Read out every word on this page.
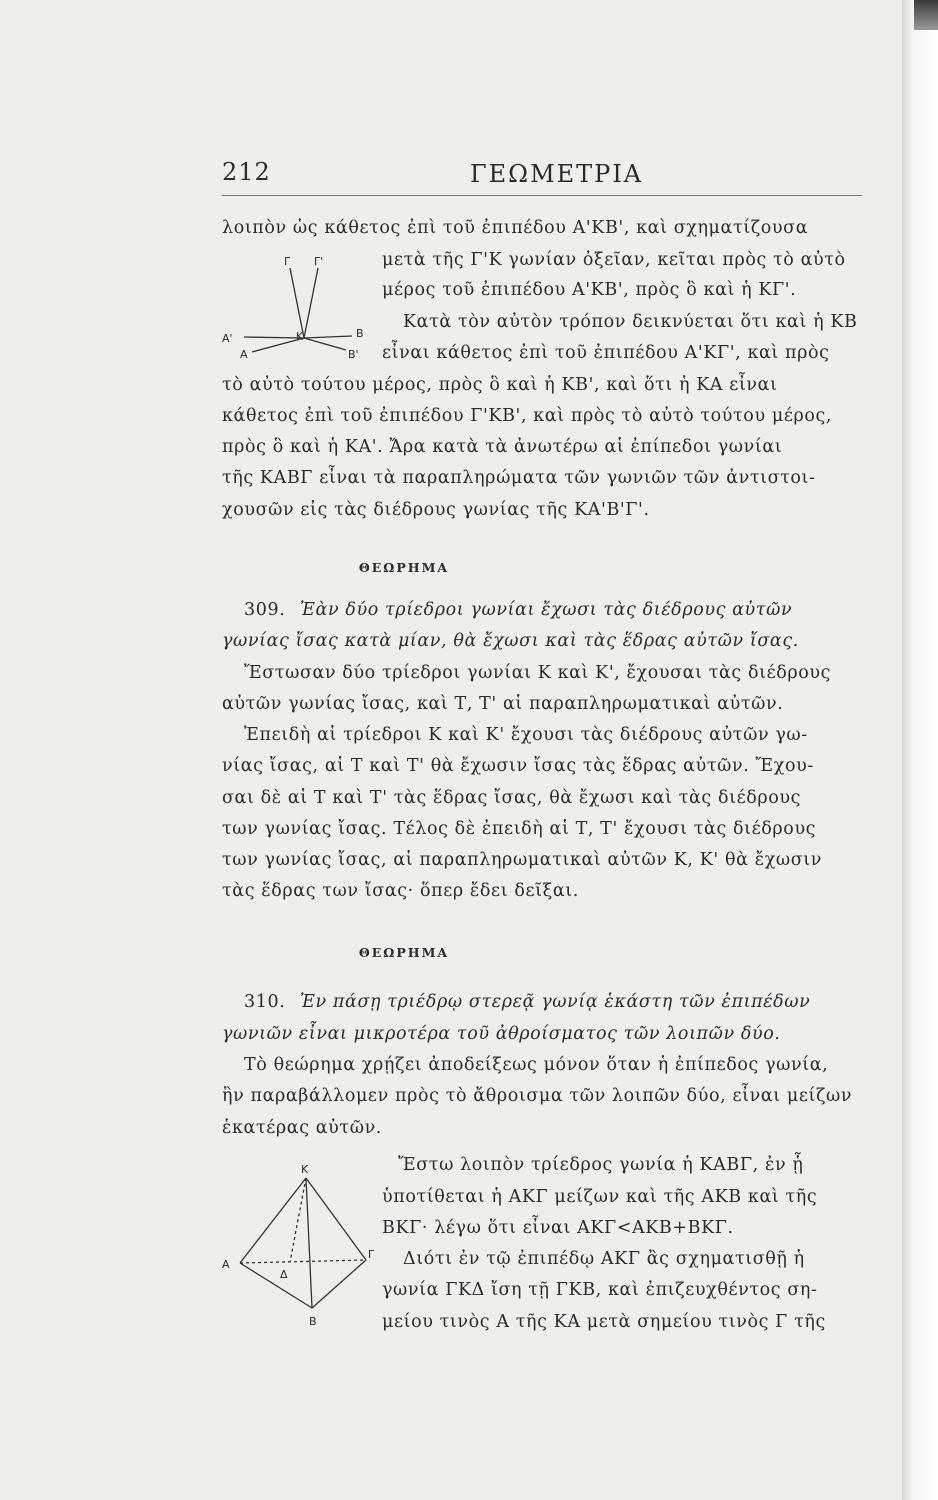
212	ΓΕΩΜΕΤΡΙΑ
Γ Γ'
Α'
Α
Κ	Β
Β'
λοιπὸν ὡς κάθετος ἐπὶ τοῦ ἐπιπέδου Α'ΚΒ', καὶ σχηματίζουσα
μετὰ τῆς Γ'Κ γωνίαν ὀξεῖαν, κεῖται πρὸς τὸ αὐτὸ
μέρος τοῦ ἐπιπέδου Α'ΚΒ', πρὸς ὃ καὶ ἡ ΚΓ'.
Κατὰ τὸν αὐτὸν τρόπον δεικνύεται ὅτι καὶ ἡ ΚΒ
εἶναι κάθετος ἐπὶ τοῦ ἐπιπέδου Α'ΚΓ', καὶ πρὸς
τὸ αὐτὸ τούτου μέρος, πρὸς ὃ καὶ ἡ ΚΒ', καὶ ὅτι ἡ ΚΑ εἶναι
κάθετος ἐπὶ τοῦ ἐπιπέδου Γ'ΚΒ', καὶ πρὸς τὸ αὐτὸ τούτου μέρος,
πρὸς ὃ καὶ ἡ ΚΑ'. Ἄρα κατὰ τὰ ἀνωτέρω αἱ ἐπίπεδοι γωνίαι
τῆς ΚΑΒΓ εἶναι τὰ παραπληρώματα τῶν γωνιῶν τῶν ἀντιστοι-
χουσῶν εἰς τὰς διέδρους γωνίας τῆς ΚΑ'Β'Γ'.
ΘΕΩΡΗΜΑ
309. Ἐὰν δύο τρίεδροι γωνίαι ἔχωσι τὰς διέδρους αὐτῶν
γωνίας ἴσας κατὰ μίαν, θὰ ἔχωσι καὶ τὰς ἕδρας αὐτῶν ἴσας.
Ἔστωσαν δύο τρίεδροι γωνίαι Κ καὶ Κ', ἔχουσαι τὰς διέδρους
αὐτῶν γωνίας ἴσας, καὶ Τ, Τ' αἱ παραπληρωματικαὶ αὐτῶν.
Ἐπειδὴ αἱ τρίεδροι Κ καὶ Κ' ἔχουσι τὰς διέδρους αὐτῶν γω-
νίας ἴσας, αἱ Τ καὶ Τ' θὰ ἔχωσιν ἴσας τὰς ἕδρας αὐτῶν. Ἔχου-
σαι δὲ αἱ Τ καὶ Τ' τὰς ἕδρας ἴσας, θὰ ἔχωσι καὶ τὰς διέδρους
των γωνίας ἴσας. Τέλος δὲ ἐπειδὴ αἱ Τ, Τ' ἔχουσι τὰς διέδρους
των γωνίας ἴσας, αἱ παραπληρωματικαὶ αὐτῶν Κ, Κ' θὰ ἔχωσιν
τὰς ἕδρας των ἴσας· ὅπερ ἔδει δεῖξαι.
ΘΕΩΡΗΜΑ
310. Ἐν πάσῃ τριέδρῳ στερεᾷ γωνίᾳ ἑκάστη τῶν ἐπιπέδων
γωνιῶν εἶναι μικροτέρα τοῦ ἀθροίσματος τῶν λοιπῶν δύο.
Τὸ θεώρημα χρῄζει ἀποδείξεως μόνον ὅταν ἡ ἐπίπεδος γωνία,
ἣν παραβάλλομεν πρὸς τὸ ἄθροισμα τῶν λοιπῶν δύο, εἶναι μείζων
ἑκατέρας αὐτῶν.
Κ
Α
Δ
Γ
Β
Ἔστω λοιπὸν τρίεδρος γωνία ἡ ΚΑΒΓ, ἐν ᾗ
ὑποτίθεται ἡ ΑΚΓ μείζων καὶ τῆς ΑΚΒ καὶ τῆς
ΒΚΓ· λέγω ὅτι εἶναι ΑΚΓ<ΑΚΒ+ΒΚΓ.
Διότι ἐν τῷ ἐπιπέδῳ ΑΚΓ ἂς σχηματισθῇ ἡ
γωνία ΓΚΔ ἴση τῇ ΓΚΒ, καὶ ἐπιζευχθέντος ση-
μείου τινὸς Α τῆς ΚΑ μετὰ σημείου τινὸς Γ τῆς
